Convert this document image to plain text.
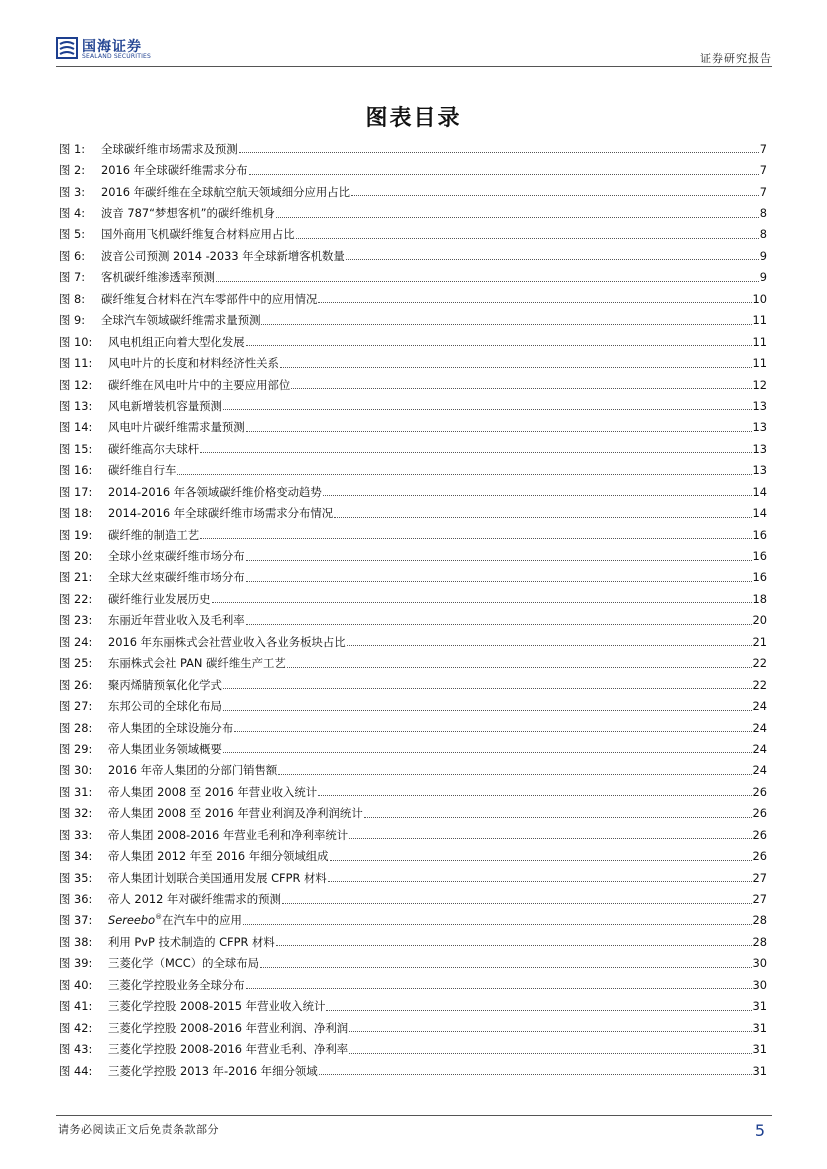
国海证券
SEALAND SECURITIES	证券研究报告
图表目录
图 1:	全球碳纤维市场需求及预测	7
图 2:	2016 年全球碳纤维需求分布	7
图 3:	2016 年碳纤维在全球航空航天领域细分应用占比	7
图 4:	波音 787“梦想客机”的碳纤维机身	8
图 5:	国外商用飞机碳纤维复合材料应用占比	8
图 6:	波音公司预测 2014 -2033 年全球新增客机数量	9
图 7:	客机碳纤维渗透率预测	9
图 8:	碳纤维复合材料在汽车零部件中的应用情况	10
图 9:	全球汽车领域碳纤维需求量预测	11
图 10:	风电机组正向着大型化发展	11
图 11:	风电叶片的长度和材料经济性关系	11
图 12:	碳纤维在风电叶片中的主要应用部位	12
图 13:	风电新增装机容量预测	13
图 14:	风电叶片碳纤维需求量预测	13
图 15:	碳纤维高尔夫球杆	13
图 16:	碳纤维自行车	13
图 17:	2014-2016 年各领域碳纤维价格变动趋势	14
图 18:	2014-2016 年全球碳纤维市场需求分布情况	14
图 19:	碳纤维的制造工艺	16
图 20:	全球小丝束碳纤维市场分布	16
图 21:	全球大丝束碳纤维市场分布	16
图 22:	碳纤维行业发展历史	18
图 23:	东丽近年营业收入及毛利率	20
图 24:	2016 年东丽株式会社营业收入各业务板块占比	21
图 25:	东丽株式会社 PAN 碳纤维生产工艺	22
图 26:	聚丙烯腈预氧化化学式	22
图 27:	东邦公司的全球化布局	24
图 28:	帝人集团的全球设施分布	24
图 29:	帝人集团业务领域概要	24
图 30:	2016 年帝人集团的分部门销售额	24
图 31:	帝人集团 2008 至 2016 年营业收入统计	26
图 32:	帝人集团 2008 至 2016 年营业利润及净利润统计	26
图 33:	帝人集团 2008-2016 年营业毛利和净利率统计	26
图 34:	帝人集团 2012 年至 2016 年细分领域组成	26
图 35:	帝人集团计划联合美国通用发展 CFPR 材料	27
图 36:	帝人 2012 年对碳纤维需求的预测	27
图 37:	Sereebo®在汽车中的应用	28
图 38:	利用 PvP 技术制造的 CFPR 材料	28
图 39:	三菱化学（MCC）的全球布局	30
图 40:	三菱化学控股业务全球分布	30
图 41:	三菱化学控股 2008-2015 年营业收入统计	31
图 42:	三菱化学控股 2008-2016 年营业利润、净利润	31
图 43:	三菱化学控股 2008-2016 年营业毛利、净利率	31
图 44:	三菱化学控股 2013 年-2016 年细分领域	31
请务必阅读正文后免责条款部分	5
